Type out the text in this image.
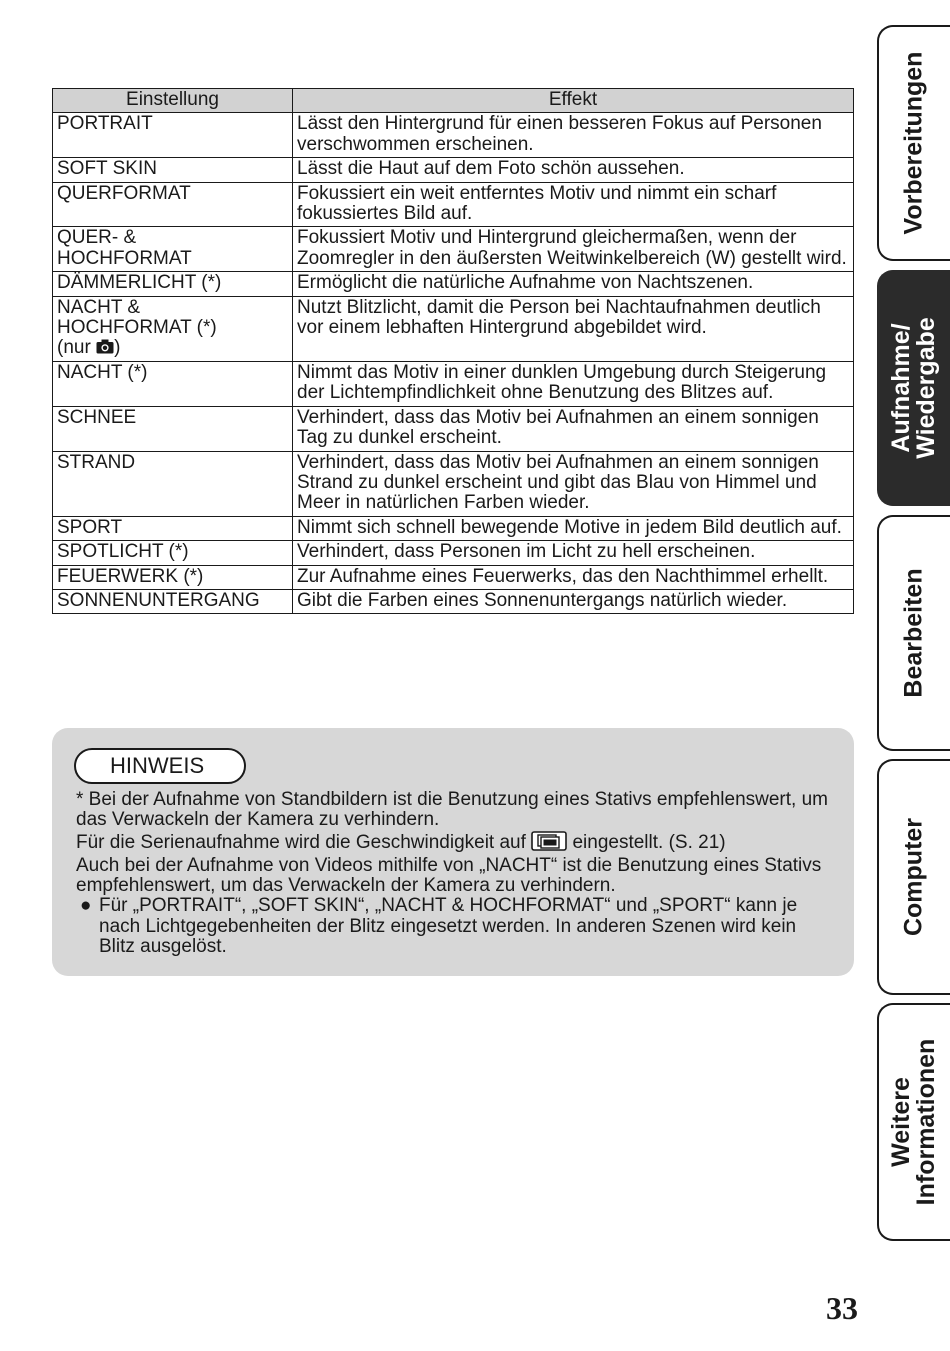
Einstellung	Effekt
PORTRAIT	Lässt den Hintergrund für einen besseren Fokus auf Personen verschwommen erscheinen.
SOFT SKIN	Lässt die Haut auf dem Foto schön aussehen.
QUERFORMAT	Fokussiert ein weit entferntes Motiv und nimmt ein scharf fokussiertes Bild auf.
QUER- & HOCHFORMAT	Fokussiert Motiv und Hintergrund gleichermaßen, wenn der Zoomregler in den äußersten Weitwinkelbereich (W) gestellt wird.
DÄMMERLICHT (*)	Ermöglicht die natürliche Aufnahme von Nachtszenen.

NACHT & HOCHFORMAT (*)
(nur )	Nutzt Blitzlicht, damit die Person bei Nachtaufnahmen deutlich vor einem lebhaften Hintergrund abgebildet wird.
NACHT (*)	Nimmt das Motiv in einer dunklen Umgebung durch Steigerung der Lichtempfindlichkeit ohne Benutzung des Blitzes auf.
SCHNEE	Verhindert, dass das Motiv bei Aufnahmen an einem sonnigen Tag zu dunkel erscheint.
STRAND	Verhindert, dass das Motiv bei Aufnahmen an einem sonnigen Strand zu dunkel erscheint und gibt das Blau von Himmel und Meer in natürlichen Farben wieder.
SPORT	Nimmt sich schnell bewegende Motive in jedem Bild deutlich auf.
SPOTLICHT (*)	Verhindert, dass Personen im Licht zu hell erscheinen.
FEUERWERK (*)	Zur Aufnahme eines Feuerwerks, das den Nachthimmel erhellt.
SONNENUNTERGANG	Gibt die Farben eines Sonnenuntergangs natürlich wieder.
HINWEIS

* Bei der Aufnahme von Standbildern ist die Benutzung eines Stativs empfehlenswert, um das Verwackeln der Kamera zu verhindern.

Für die Serienaufnahme wird die Geschwindigkeit auf eingestellt. (S. 21)

Auch bei der Aufnahme von Videos mithilfe von „NACHT“ ist die Benutzung eines Stativs empfehlenswert, um das Verwackeln der Kamera zu verhindern.

● Für „PORTRAIT“, „SOFT SKIN“, „NACHT & HOCHFORMAT“ und „SPORT“ kann je nach Lichtgegebenheiten der Blitz eingesetzt werden. In anderen Szenen wird kein Blitz ausgelöst.
Vorbereitungen
Aufnahme/
Wiedergabe
Bearbeiten
Computer
Weitere
Informationen
33
